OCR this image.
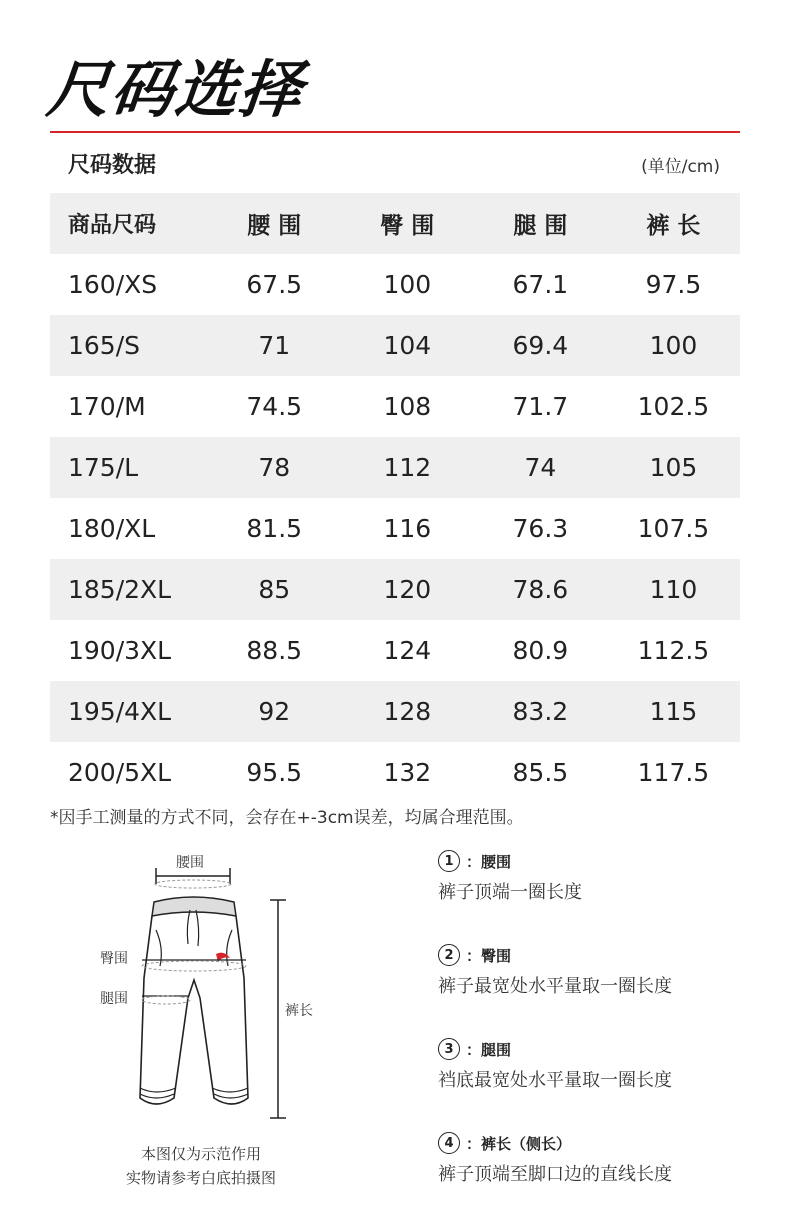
尺码选择
尺码数据	(单位/cm)
商品尺码	腰 围	臀 围	腿 围	裤 长
160/XS	67.5	100	67.1	97.5
165/S	71	104	69.4	100
170/M	74.5	108	71.7	102.5
175/L	78	112	74	105
180/XL	81.5	116	76.3	107.5
185/2XL	85	120	78.6	110
190/3XL	88.5	124	80.9	112.5
195/4XL	92	128	83.2	115
200/5XL	95.5	132	85.5	117.5
*因手工测量的方式不同，会存在+-3cm误差，均属合理范围。
腰围
臀围
腿围
裤长
本图仅为示范作用
实物请参考白底拍摄图
1 ：腰围
裤子顶端一圈长度
2 ：臀围
裤子最宽处水平量取一圈长度
3 ：腿围
裆底最宽处水平量取一圈长度
4 ：裤长（侧长）
裤子顶端至脚口边的直线长度
